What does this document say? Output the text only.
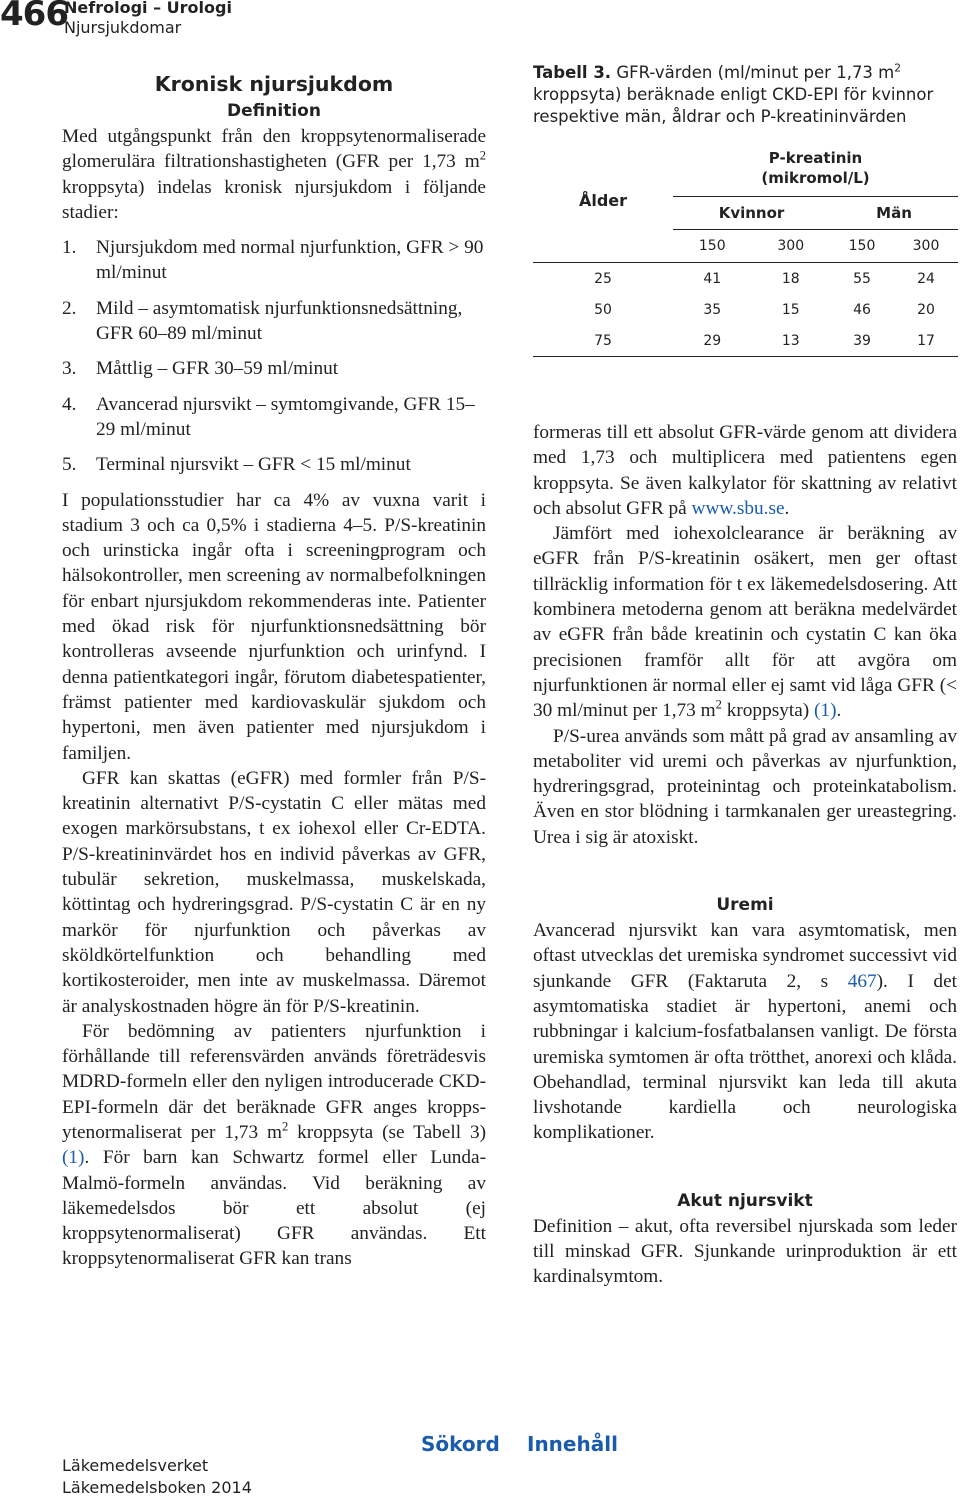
466
Nefrologi – Urologi
Njursjukdomar
Kronisk njursjukdom
Definition

Med utgångspunkt från den kroppsytenormaliserade glomerulära filtrationshastigheten (GFR per 1,73 $m^2$ kroppsyta) indelas kronisk njursjukdom i följande stadier:

1. Njursjukdom med normal njurfunktion, GFR > 90 ml/minut
2. Mild – asymtomatisk njurfunktionsnedsättning, GFR 60–89 ml/minut
3. Måttlig – GFR 30–59 ml/minut
4. Avancerad njursvikt – symtomgivande, GFR 15–29 ml/minut
5. Terminal njursvikt – GFR < 15 ml/minut

I populationsstudier har ca 4% av vuxna varit i stadium 3 och ca 0,5% i stadierna 4–5. P/S-kreatinin och urinsticka ingår ofta i screeningprogram och hälsokontroller, men screening av normalbefolkningen för enbart njursjukdom rekommenderas inte. Patienter med ökad risk för njurfunktionsnedsättning bör kontrolleras avseende njurfunktion och urinfynd. I denna patientkategori ingår, förutom diabetespatienter, främst patienter med kardiovaskulär sjukdom och hypertoni, men även patienter med njursjukdom i familjen.

GFR kan skattas (eGFR) med formler från P/S-kreatinin alternativt P/S-cystatin C eller mätas med exogen markörsubstans, t ex iohexol eller Cr-EDTA. P/S-kreatininvärdet hos en individ påverkas av GFR, tubulär sekretion, muskelmassa, muskelskada, köttintag och hydreringsgrad. P/S-cystatin C är en ny markör för njurfunktion och påverkas av sköldkörtelfunktion och behandling med kortikosteroider, men inte av muskelmassa. Däremot är analyskostnaden högre än för P/S-kreatinin.

För bedömning av patienters njurfunktion i förhållande till referensvärden används företrädesvis MDRD-formeln eller den nyligen introducerade CKD-EPI-formeln där det beräknade GFR anges kroppsytenormaliserat per 1,73 $m^2$ kroppsyta (se Tabell 3) (1). För barn kan Schwartz formel eller Lunda-Malmö-formeln användas. Vid beräkning av läkemedelsdos bör ett absolut (ej kroppsytenormaliserat) GFR användas. Ett kroppsytenormaliserat GFR kan trans

Tabell 3. GFR-värden (ml/minut per 1,73 $m^2$ kroppsyta) beräknade enligt CKD-EPI för kvinnor respektive män, åldrar och P-kreatininvärden

Ålder	P-kreatinin
(mikromol/L)			
	Kvinnor		Män	
	150	300	150	300
25	41	18	55	24
50	35	15	46	20
75	29	13	39	17

formeras till ett absolut GFR-värde genom att dividera med 1,73 och multiplicera med patientens egen kroppsyta. Se även kalkylator för skattning av relativt och absolut GFR på www.sbu.se.

Jämfört med iohexolclearance är beräkning av eGFR från P/S-kreatinin osäkert, men ger oftast tillräcklig information för t ex läkemedelsdosering. Att kombinera metoderna genom att beräkna medelvärdet av eGFR från både kreatinin och cystatin C kan öka precisionen framför allt för att avgöra om njurfunktionen är normal eller ej samt vid låga GFR (< 30 ml/minut per 1,73 $m^2$ kroppsyta) (1).

P/S-urea används som mått på grad av ansamling av metaboliter vid uremi och påverkas av njurfunktion, hydreringsgrad, proteinintag och proteinkatabolism. Även en stor blödning i tarmkanalen ger ureastegring. Urea i sig är atoxiskt.

Uremi

Avancerad njursvikt kan vara asymtomatisk, men oftast utvecklas det uremiska syndromet successivt vid sjunkande GFR (Faktaruta 2, s 467). I det asymtomatiska stadiet är hypertoni, anemi och rubbningar i kalcium-fosfatbalansen vanligt. De första uremiska symtomen är ofta trötthet, anorexi och klåda. Obehandlad, terminal njursvikt kan leda till akuta livshotande kardiella och neurologiska komplikationer.

Akut njursvikt

Definition – akut, ofta reversibel njurskada som leder till minskad GFR. Sjunkande urinproduktion är ett kardinalsymtom.

Sökord Innehåll
Läkemedelsverket
Läkemedelsboken 2014
